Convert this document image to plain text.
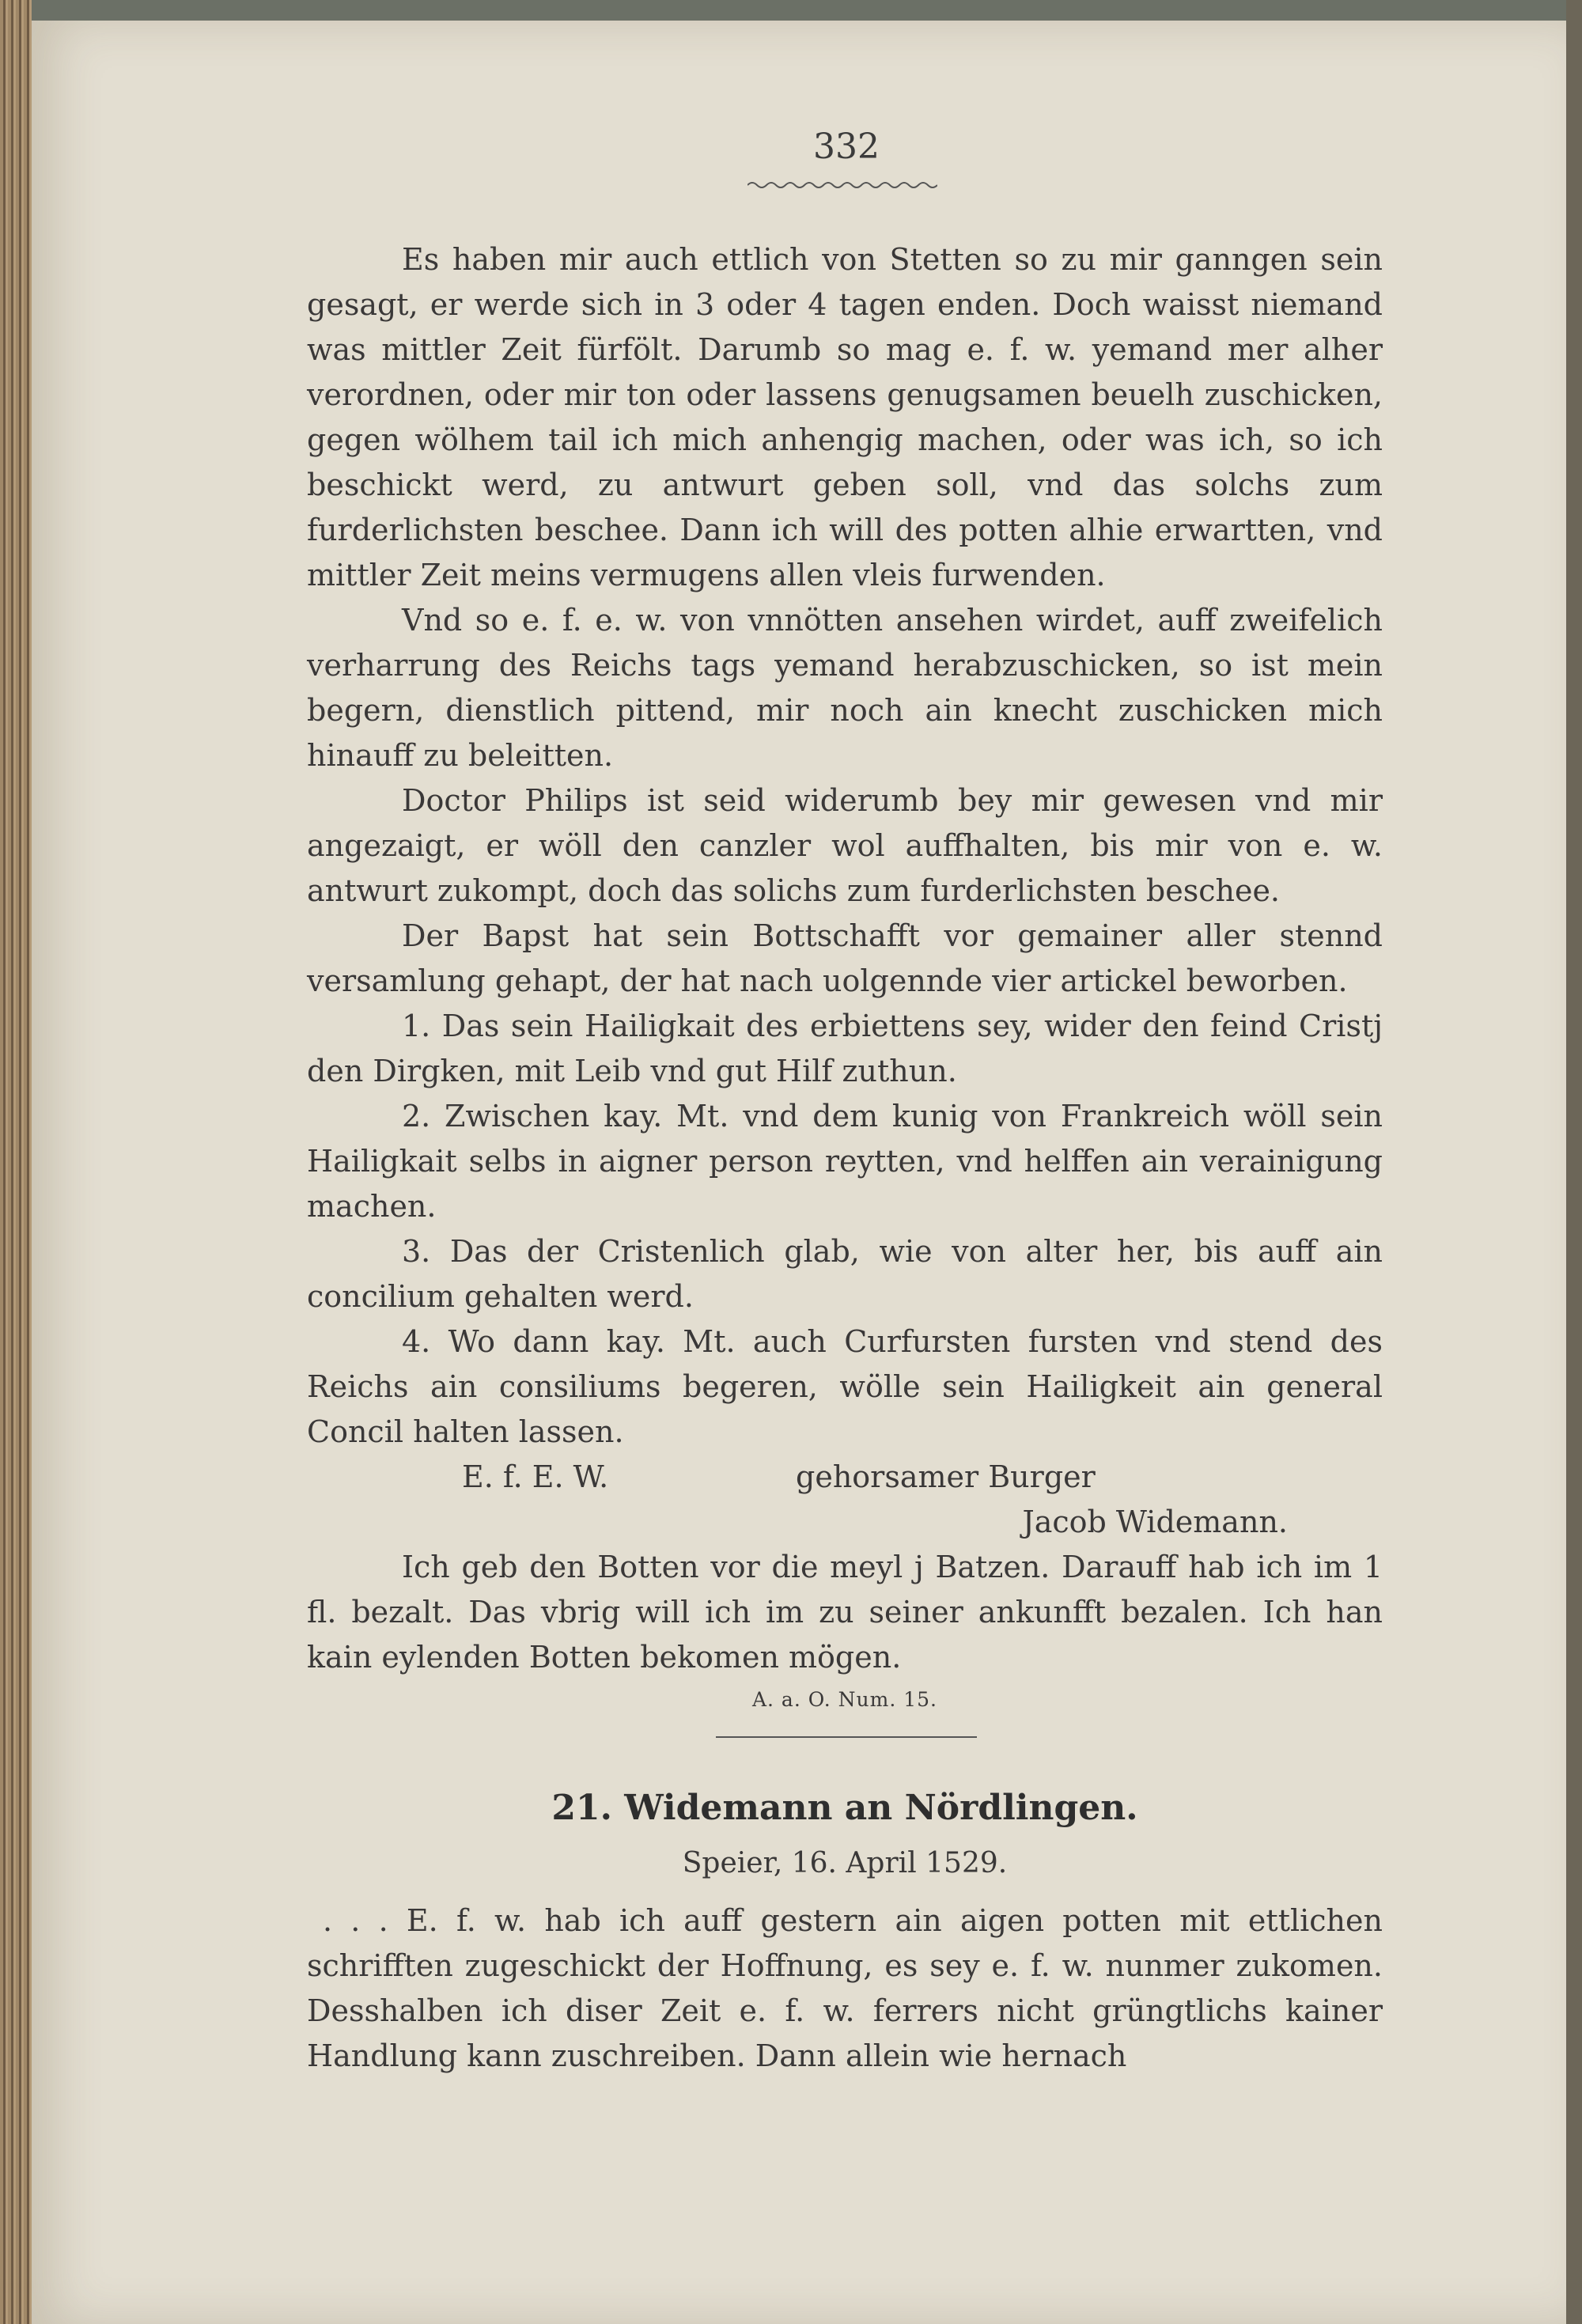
332

Es haben mir auch ettlich von Stetten so zu mir ganngen sein gesagt, er werde sich in 3 oder 4 tagen enden. Doch waisst niemand was mittler Zeit fürfölt. Darumb so mag e. f. w. yemand mer alher verordnen, oder mir ton oder lassens genugsamen beuelh zuschicken, gegen wölhem tail ich mich anhengig machen, oder was ich, so ich beschickt werd, zu antwurt geben soll, vnd das solchs zum furderlichsten beschee. Dann ich will des potten alhie erwartten, vnd mittler Zeit meins vermugens allen vleis furwenden.

Vnd so e. f. e. w. von vnnötten ansehen wirdet, auff zweifelich verharrung des Reichs tags yemand herabzuschicken, so ist mein begern, dienstlich pittend, mir noch ain knecht zuschicken mich hinauff zu beleitten.

Doctor Philips ist seid widerumb bey mir gewesen vnd mir angezaigt, er wöll den canzler wol auffhalten, bis mir von e. w. antwurt zukompt, doch das solichs zum furderlichsten beschee.

Der Bapst hat sein Bottschafft vor gemainer aller stennd versamlung gehapt, der hat nach uolgennde vier artickel beworben.

1. Das sein Hailigkait des erbiettens sey, wider den feind Cristj den Dirgken, mit Leib vnd gut Hilf zuthun.

2. Zwischen kay. Mt. vnd dem kunig von Frankreich wöll sein Hailigkait selbs in aigner person reytten, vnd helffen ain verainigung machen.

3. Das der Cristenlich glab, wie von alter her, bis auff ain concilium gehalten werd.

4. Wo dann kay. Mt. auch Curfursten fursten vnd stend des Reichs ain consiliums begeren, wölle sein Hailigkeit ain general Concil halten lassen.

E. f. E. W.	gehorsamer Burger
Jacob Widemann.

Ich geb den Botten vor die meyl j Batzen. Darauff hab ich im 1 fl. bezalt. Das vbrig will ich im zu seiner ankunfft bezalen. Ich han kain eylenden Botten bekomen mögen.

A. a. O. Num. 15.
21. Widemann an Nördlingen.
Speier, 16. April 1529.

. . . E. f. w. hab ich auff gestern ain aigen potten mit ettlichen schrifften zugeschickt der Hoffnung, es sey e. f. w. nunmer zukomen. Desshalben ich diser Zeit e. f. w. ferrers nicht grüngtlichs kainer Handlung kann zuschreiben. Dann allein wie hernach
